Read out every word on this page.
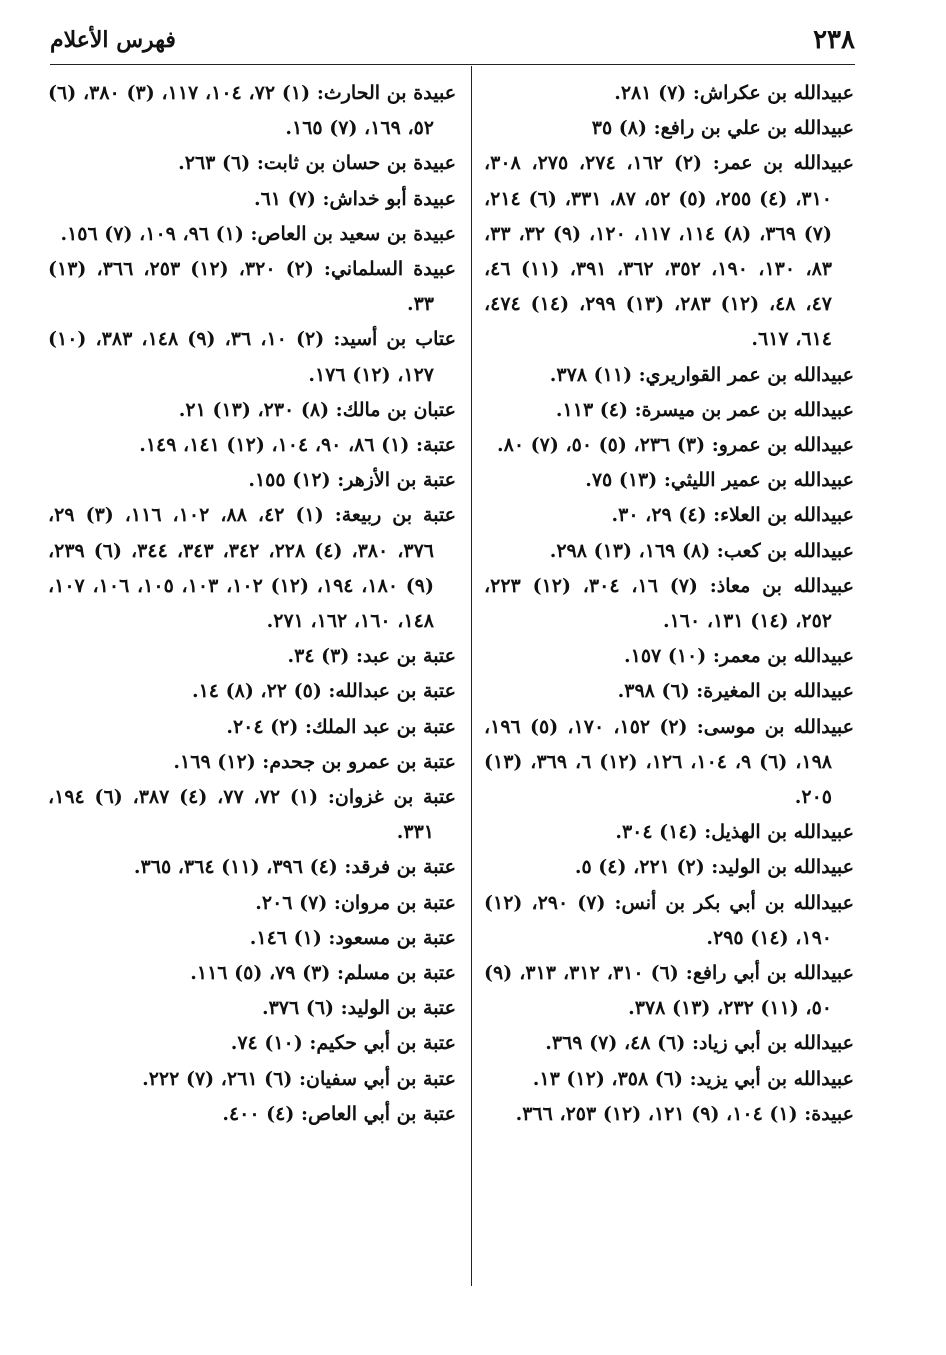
٢٣٨
فهرس الأعلام

عبيدالله بن عكراش: (٧) ٢٨١.

عبيدالله بن علي بن رافع: (٨) ٣٥

عبيدالله بن عمر: (٢) ١٦٢، ٢٧٤، ٢٧٥، ٣٠٨، ٣١٠، (٤) ٢٥٥، (٥) ٥٢، ٨٧، ٣٣١، (٦) ٢١٤، (٧) ٣٦٩، (٨) ١١٤، ١١٧، ١٢٠، (٩) ٣٢، ٣٣، ٨٣، ١٣٠، ١٩٠، ٣٥٢، ٣٦٢، ٣٩١، (١١) ٤٦، ٤٧، ٤٨، (١٢) ٢٨٣، (١٣) ٢٩٩، (١٤) ٤٧٤، ٦١٤، ٦١٧.

عبيدالله بن عمر القواريري: (١١) ٣٧٨.

عبيدالله بن عمر بن ميسرة: (٤) ١١٣.

عبيدالله بن عمرو: (٣) ٢٣٦، (٥) ٥٠، (٧) ٨٠.

عبيدالله بن عمير الليثي: (١٣) ٧٥.

عبيدالله بن العلاء: (٤) ٢٩، ٣٠.

عبيدالله بن كعب: (٨) ١٦٩، (١٣) ٢٩٨.

عبيدالله بن معاذ: (٧) ١٦، ٣٠٤، (١٢) ٢٢٣، ٢٥٢، (١٤) ١٣١، ١٦٠.

عبيدالله بن معمر: (١٠) ١٥٧.

عبيدالله بن المغيرة: (٦) ٣٩٨.

عبيدالله بن موسى: (٢) ١٥٢، ١٧٠، (٥) ١٩٦، ١٩٨، (٦) ٩، ١٠٤، ١٢٦، (١٢) ٦، ٣٦٩، (١٣) ٢٠٥.

عبيدالله بن الهذيل: (١٤) ٣٠٤.

عبيدالله بن الوليد: (٢) ٢٢١، (٤) ٥.

عبيدالله بن أبي بكر بن أنس: (٧) ٢٩٠، (١٢) ١٩٠، (١٤) ٢٩٥.

عبيدالله بن أبي رافع: (٦) ٣١٠، ٣١٢، ٣١٣، (٩) ٥٠، (١١) ٢٣٢، (١٣) ٣٧٨.

عبيدالله بن أبي زياد: (٦) ٤٨، (٧) ٣٦٩.

عبيدالله بن أبي يزيد: (٦) ٣٥٨، (١٢) ١٣.

عبيدة: (١) ١٠٤، (٩) ١٢١، (١٢) ٢٥٣، ٣٦٦.

عبيدة بن الحارث: (١) ٧٢، ١٠٤، ١١٧، (٣) ٣٨٠، (٦) ٥٢، ١٦٩، (٧) ١٦٥.

عبيدة بن حسان بن ثابت: (٦) ٢٦٣.

عبيدة أبو خداش: (٧) ٦١.

عبيدة بن سعيد بن العاص: (١) ٩٦، ١٠٩، (٧) ١٥٦.

عبيدة السلماني: (٢) ٣٢٠، (١٢) ٢٥٣، ٣٦٦، (١٣) ٣٣.

عتاب بن أسيد: (٢) ١٠، ٣٦، (٩) ١٤٨، ٣٨٣، (١٠) ١٢٧، (١٢) ١٧٦.

عتبان بن مالك: (٨) ٢٣٠، (١٣) ٢١.

عتبة: (١) ٨٦، ٩٠، ١٠٤، (١٢) ١٤١، ١٤٩.

عتبة بن الأزهر: (١٢) ١٥٥.

عتبة بن ربيعة: (١) ٤٢، ٨٨، ١٠٢، ١١٦، (٣) ٢٩، ٣٧٦، ٣٨٠، (٤) ٢٢٨، ٣٤٢، ٣٤٣، ٣٤٤، (٦) ٢٣٩، (٩) ١٨٠، ١٩٤، (١٢) ١٠٢، ١٠٣، ١٠٥، ١٠٦، ١٠٧، ١٤٨، ١٦٠، ١٦٢، ٢٧١.

عتبة بن عبد: (٣) ٣٤.

عتبة بن عبدالله: (٥) ٢٢، (٨) ١٤.

عتبة بن عبد الملك: (٢) ٢٠٤.

عتبة بن عمرو بن جحدم: (١٢) ١٦٩.

عتبة بن غزوان: (١) ٧٢، ٧٧، (٤) ٣٨٧، (٦) ١٩٤، ٣٣١.

عتبة بن فرقد: (٤) ٣٩٦، (١١) ٣٦٤، ٣٦٥.

عتبة بن مروان: (٧) ٢٠٦.

عتبة بن مسعود: (١) ١٤٦.

عتبة بن مسلم: (٣) ٧٩، (٥) ١١٦.

عتبة بن الوليد: (٦) ٣٧٦.

عتبة بن أبي حكيم: (١٠) ٧٤.

عتبة بن أبي سفيان: (٦) ٢٦١، (٧) ٢٢٢.

عتبة بن أبي العاص: (٤) ٤٠٠.
